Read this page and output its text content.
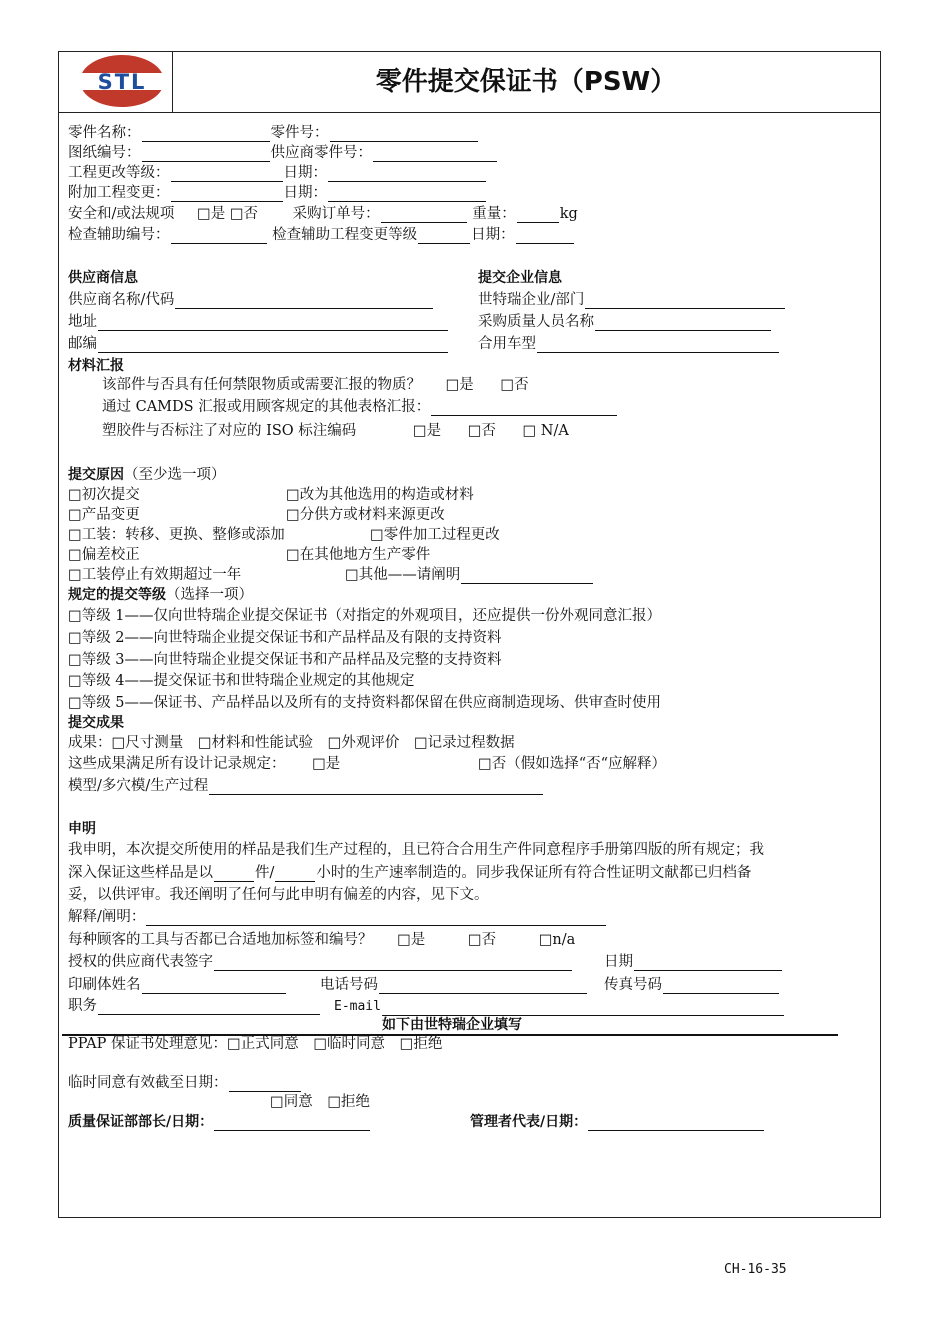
STL	零件提交保证书（PSW）
零件名称：	零件号：
图纸编号：	供应商零件号：
工程更改等级：	日期：
附加工程变更：	日期：
安全和/或法规项 □是 □否 采购订单号：	重量：	kg
检查辅助编号：	检查辅助工程变更等级	日期：
供应商信息
供应商名称/代码
地址
邮编
提交企业信息
世特瑞企业/部门
采购质量人员名称
合用车型
材料汇报
该部件与否具有任何禁限物质或需要汇报的物质？ □是 □否
通过 CAMDS 汇报或用顾客规定的其他表格汇报：
塑胶件与否标注了对应的 ISO 标注编码	□是 □否 □ N/A
提交原因（至少选一项）
□初次提交	□改为其他选用的构造或材料
□产品变更	□分供方或材料来源更改
□工装：转移、更换、整修或添加	□零件加工过程更改
□偏差校正	□在其他地方生产零件
□工装停止有效期超过一年	□其他——请阐明
规定的提交等级（选择一项）
□等级 1——仅向世特瑞企业提交保证书（对指定的外观项目，还应提供一份外观同意汇报）
□等级 2——向世特瑞企业提交保证书和产品样品及有限的支持资料
□等级 3——向世特瑞企业提交保证书和产品样品及完整的支持资料
□等级 4——提交保证书和世特瑞企业规定的其他规定
□等级 5——保证书、产品样品以及所有的支持资料都保留在供应商制造现场、供审查时使用
提交成果
成果：□尺寸测量 □材料和性能试验 □外观评价 □记录过程数据
这些成果满足所有设计记录规定： □是	□否（假如选择“否“应解释）
模型/多穴模/生产过程
申明
我申明，本次提交所使用的样品是我们生产过程的，且已符合合用生产件同意程序手册第四版的所有规定；我
深入保证这些样品是以	件/	小时的生产速率制造的。同步我保证所有符合性证明文献都已归档备
妥，以供评审。我还阐明了任何与此申明有偏差的内容，见下文。
解释/阐明：
每种顾客的工具与否都已合适地加标签和编号？ □是	□否	□n/a
授权的供应商代表签字	日期
印刷体姓名	电话号码	传真号码
职务	E-mail
如下由世特瑞企业填写
PPAP 保证书处理意见：□正式同意 □临时同意 □拒绝
临时同意有效截至日期：
□同意 □拒绝
质量保证部部长/日期：	管理者代表/日期：
CH-16-35
